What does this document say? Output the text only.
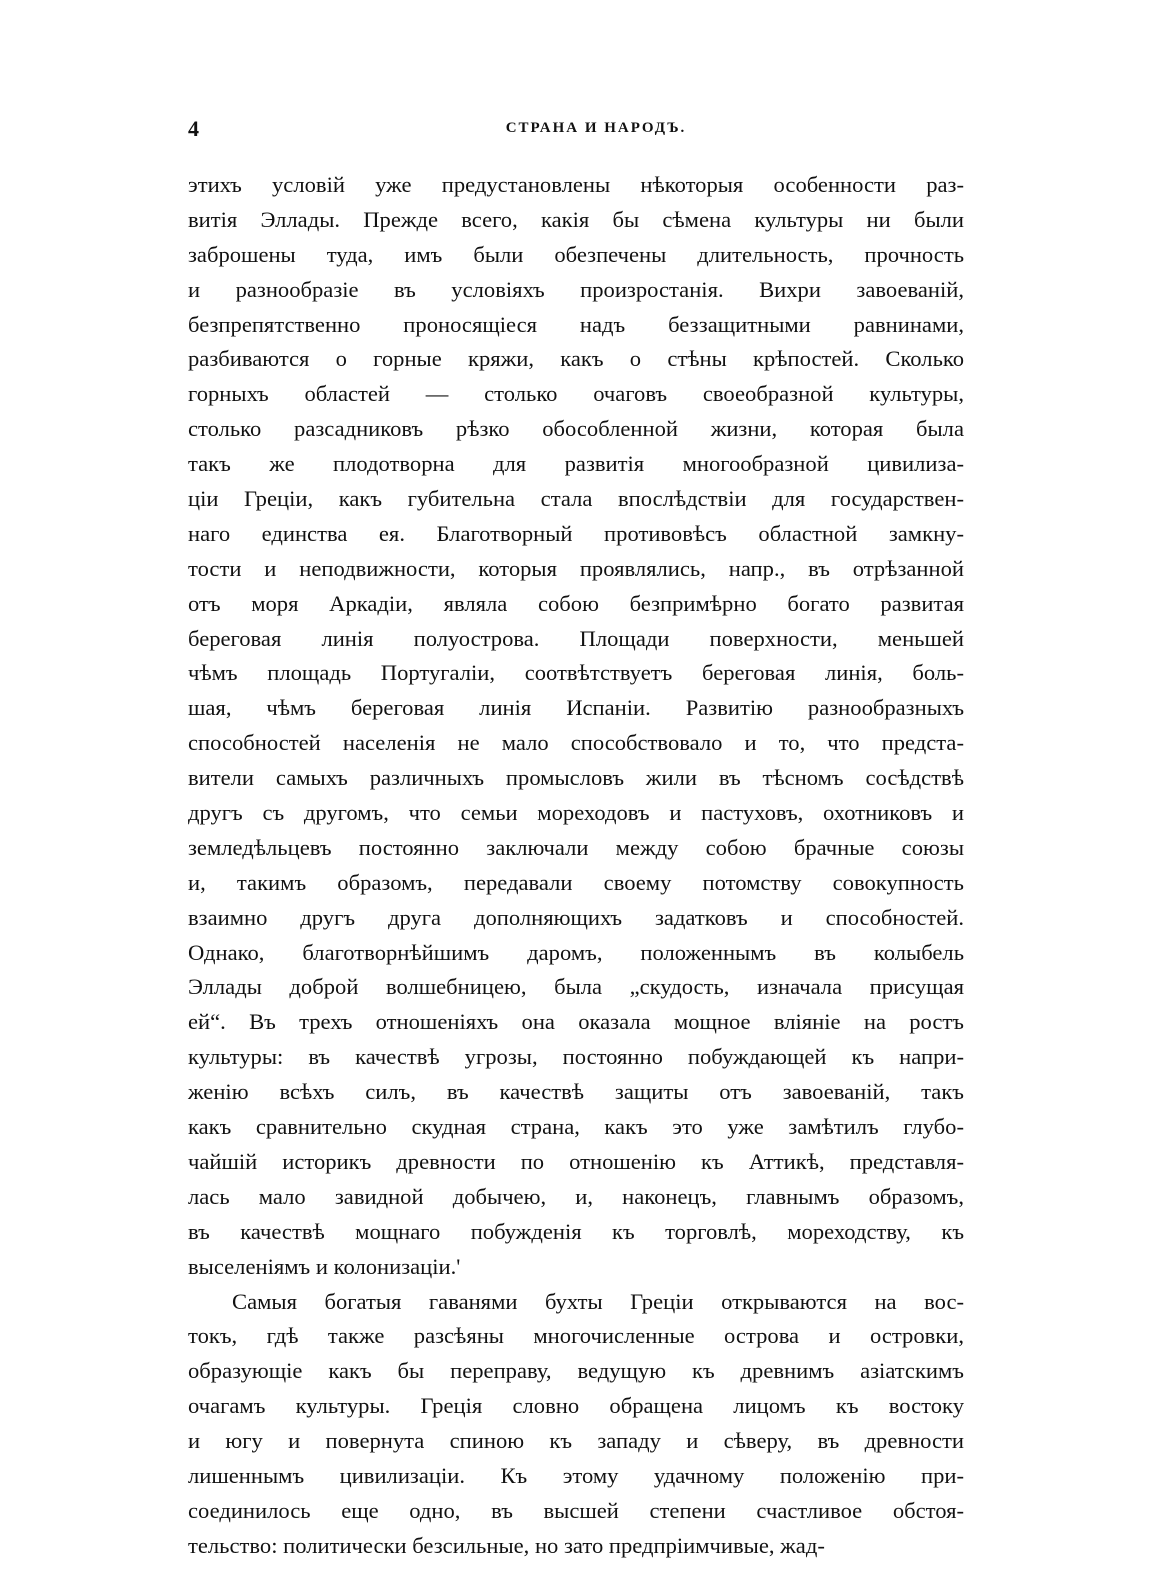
4	СТРАНА И НАРОДЪ.
этихъ условій уже предустановлены нѣкоторыя особенности раз-
витія Эллады. Прежде всего, какія бы сѣмена культуры ни были
заброшены туда, имъ были обезпечены длительность, прочность
и разнообразіе въ условіяхъ произростанія. Вихри завоеваній,
безпрепятственно проносящіеся надъ беззащитными равнинами,
разбиваются о горные кряжи, какъ о стѣны крѣпостей. Сколько
горныхъ областей — столько очаговъ своеобразной культуры,
столько разсадниковъ рѣзко обособленной жизни, которая была
такъ же плодотворна для развитія многообразной цивилиза-
ціи Греціи, какъ губительна стала впослѣдствіи для государствен-
наго единства ея. Благотворный противовѣсъ областной замкну-
тости и неподвижности, которыя проявлялись, напр., въ отрѣзанной
отъ моря Аркадіи, являла собою безпримѣрно богато развитая
береговая линія полуострова. Площади поверхности, меньшей
чѣмъ площадь Португаліи, соотвѣтствуетъ береговая линія, боль-
шая, чѣмъ береговая линія Испаніи. Развитію разнообразныхъ
способностей населенія не мало способствовало и то, что предста-
вители самыхъ различныхъ промысловъ жили въ тѣсномъ сосѣдствѣ
другъ съ другомъ, что семьи мореходовъ и пастуховъ, охотниковъ и
земледѣльцевъ постоянно заключали между собою брачные союзы
и, такимъ образомъ, передавали своему потомству совокупность
взаимно другъ друга дополняющихъ задатковъ и способностей.
Однако, благотворнѣйшимъ даромъ, положеннымъ въ колыбель
Эллады доброй волшебницею, была „скудость, изначала присущая
ей“. Въ трехъ отношеніяхъ она оказала мощное вліяніе на ростъ
культуры: въ качествѣ угрозы, постоянно побуждающей къ напри-
женію всѣхъ силъ, въ качествѣ защиты отъ завоеваній, такъ
какъ сравнительно скудная страна, какъ это уже замѣтилъ глубо-
чайшій историкъ древности по отношенію къ Аттикѣ, представля-
лась мало завидной добычею, и, наконецъ, главнымъ образомъ,
въ качествѣ мощнаго побужденія къ торговлѣ, мореходству, къ
выселеніямъ и колонизаціи.'
Самыя богатыя гаванями бухты Греціи открываются на вос-
токъ, гдѣ также разсѣяны многочисленные острова и островки,
образующіе какъ бы переправу, ведущую къ древнимъ азіатскимъ
очагамъ культуры. Греція словно обращена лицомъ къ востоку
и югу и повернута спиною къ западу и сѣверу, въ древности
лишеннымъ цивилизаціи. Къ этому удачному положенію при-
соединилось еще одно, въ высшей степени счастливое обстоя-
тельство: политически безсильные, но зато предпріимчивые, жад-
